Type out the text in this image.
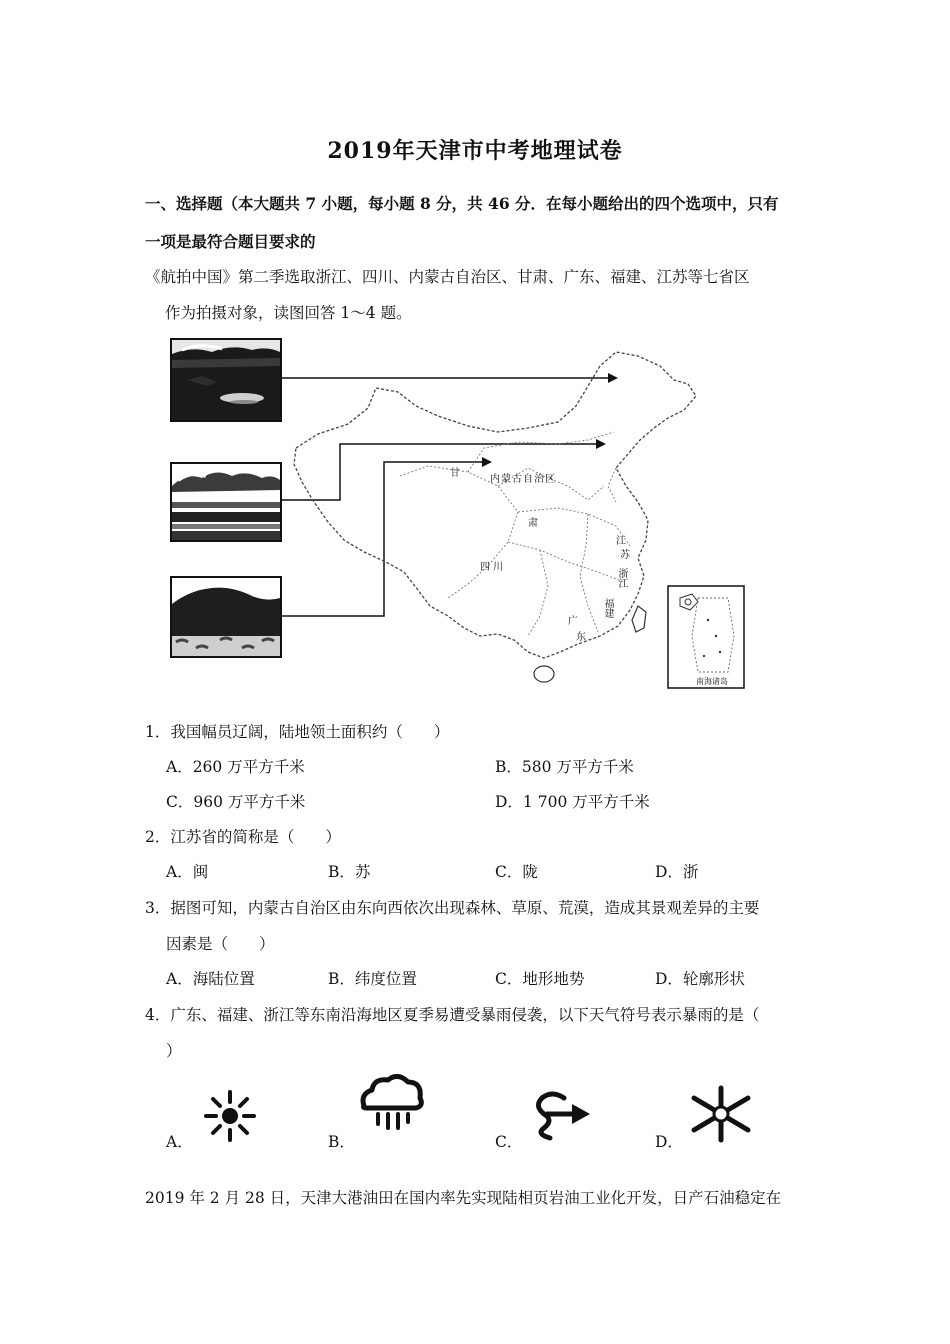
2019年天津市中考地理试卷
一、选择题（本大题共 7 小题，每小题 8 分，共 46 分．在每小题给出的四个选项中，只有
一项是最符合题目要求的
《航拍中国》第二季选取浙江、四川、内蒙古自治区、甘肃、广东、福建、江苏等七省区
作为拍摄对象，读图回答 1～4 题。
甘
内蒙古自治区
肃
四川
江
苏
浙江
福建
广
东
南海诸岛
1．我国幅员辽阔，陆地领土面积约（　　）
A．260 万平方千米	B．580 万平方千米
C．960 万平方千米	D．1 700 万平方千米
2．江苏省的简称是（　　）
A．闽	B．苏	C．陇	D．浙
3．据图可知，内蒙古自治区由东向西依次出现森林、草原、荒漠，造成其景观差异的主要
因素是（　　）
A．海陆位置	B．纬度位置	C．地形地势	D．轮廓形状
4．广东、福建、浙江等东南沿海地区夏季易遭受暴雨侵袭，以下天气符号表示暴雨的是（
）
A．	B．	C．	D．
2019 年 2 月 28 日，天津大港油田在国内率先实现陆相页岩油工业化开发，日产石油稳定在
